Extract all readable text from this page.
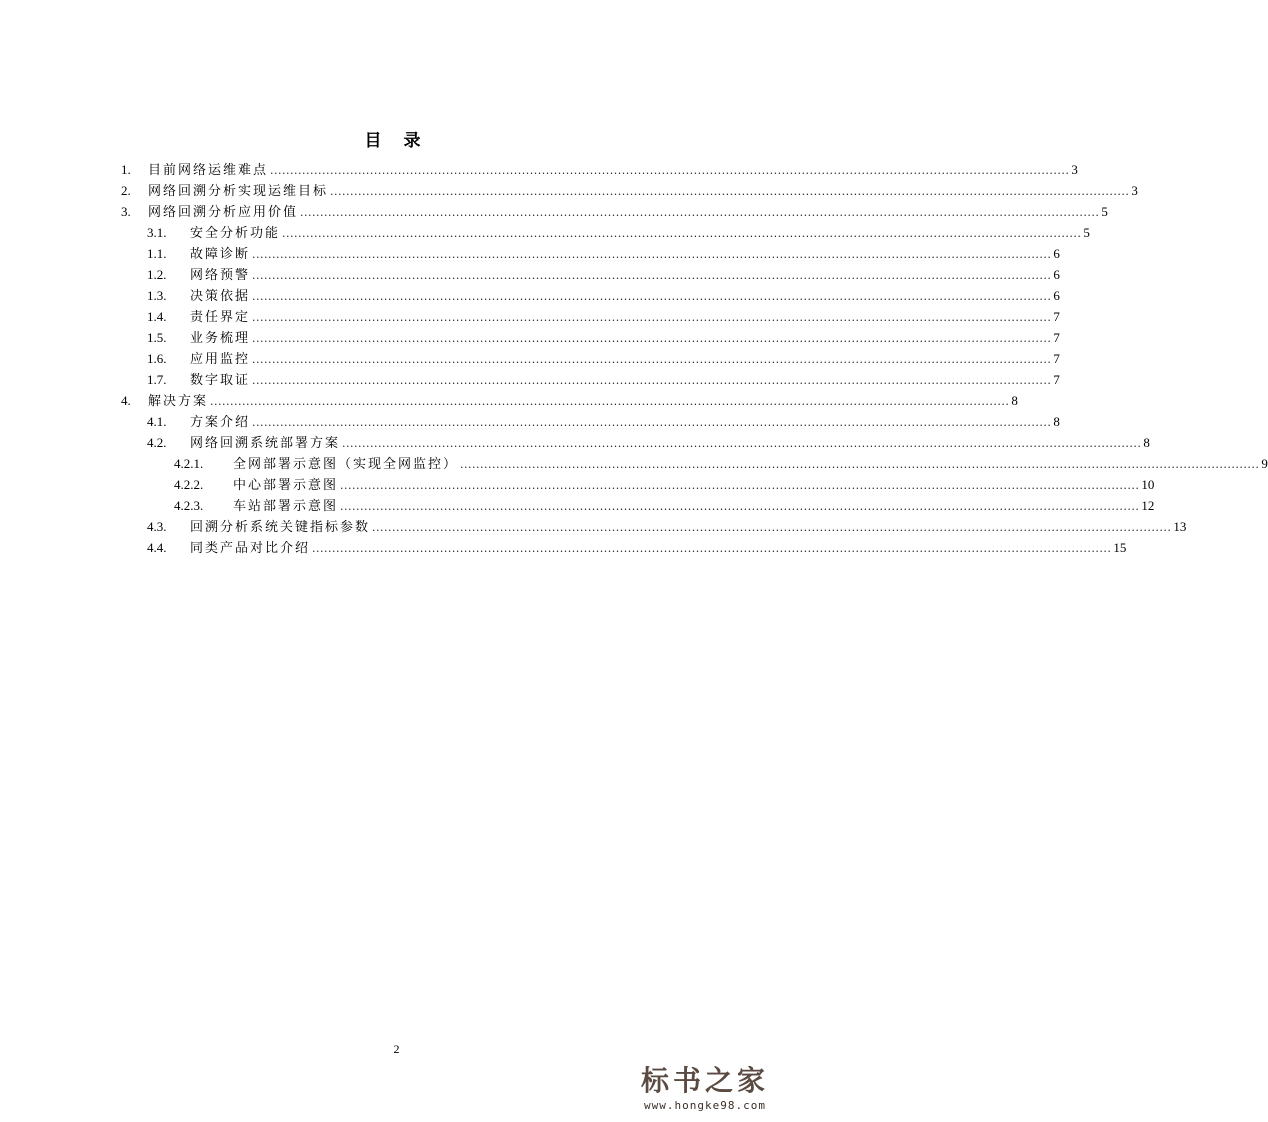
目 录
1. 目前网络运维难点 ........................................................................................................................................................................................................ 3
2. 网络回溯分析实现运维目标 ........................................................................................................................................................................................................ 3
3. 网络回溯分析应用价值 ........................................................................................................................................................................................................ 5
3.1. 安全分析功能 ........................................................................................................................................................................................................ 5
1.1. 故障诊断 ........................................................................................................................................................................................................ 6
1.2. 网络预警 ........................................................................................................................................................................................................ 6
1.3. 决策依据 ........................................................................................................................................................................................................ 6
1.4. 责任界定 ........................................................................................................................................................................................................ 7
1.5. 业务梳理 ........................................................................................................................................................................................................ 7
1.6. 应用监控 ........................................................................................................................................................................................................ 7
1.7. 数字取证 ........................................................................................................................................................................................................ 7
4. 解决方案 ........................................................................................................................................................................................................ 8
4.1. 方案介绍 ........................................................................................................................................................................................................ 8
4.2. 网络回溯系统部署方案 ........................................................................................................................................................................................................ 8
4.2.1. 全网部署示意图（实现全网监控） ........................................................................................................................................................................................................ 9
4.2.2. 中心部署示意图 ........................................................................................................................................................................................................ 10
4.2.3. 车站部署示意图 ........................................................................................................................................................................................................ 12
4.3. 回溯分析系统关键指标参数 ........................................................................................................................................................................................................ 13
4.4. 同类产品对比介绍 ........................................................................................................................................................................................................ 15
2
标书之家
www.hongke98.com
